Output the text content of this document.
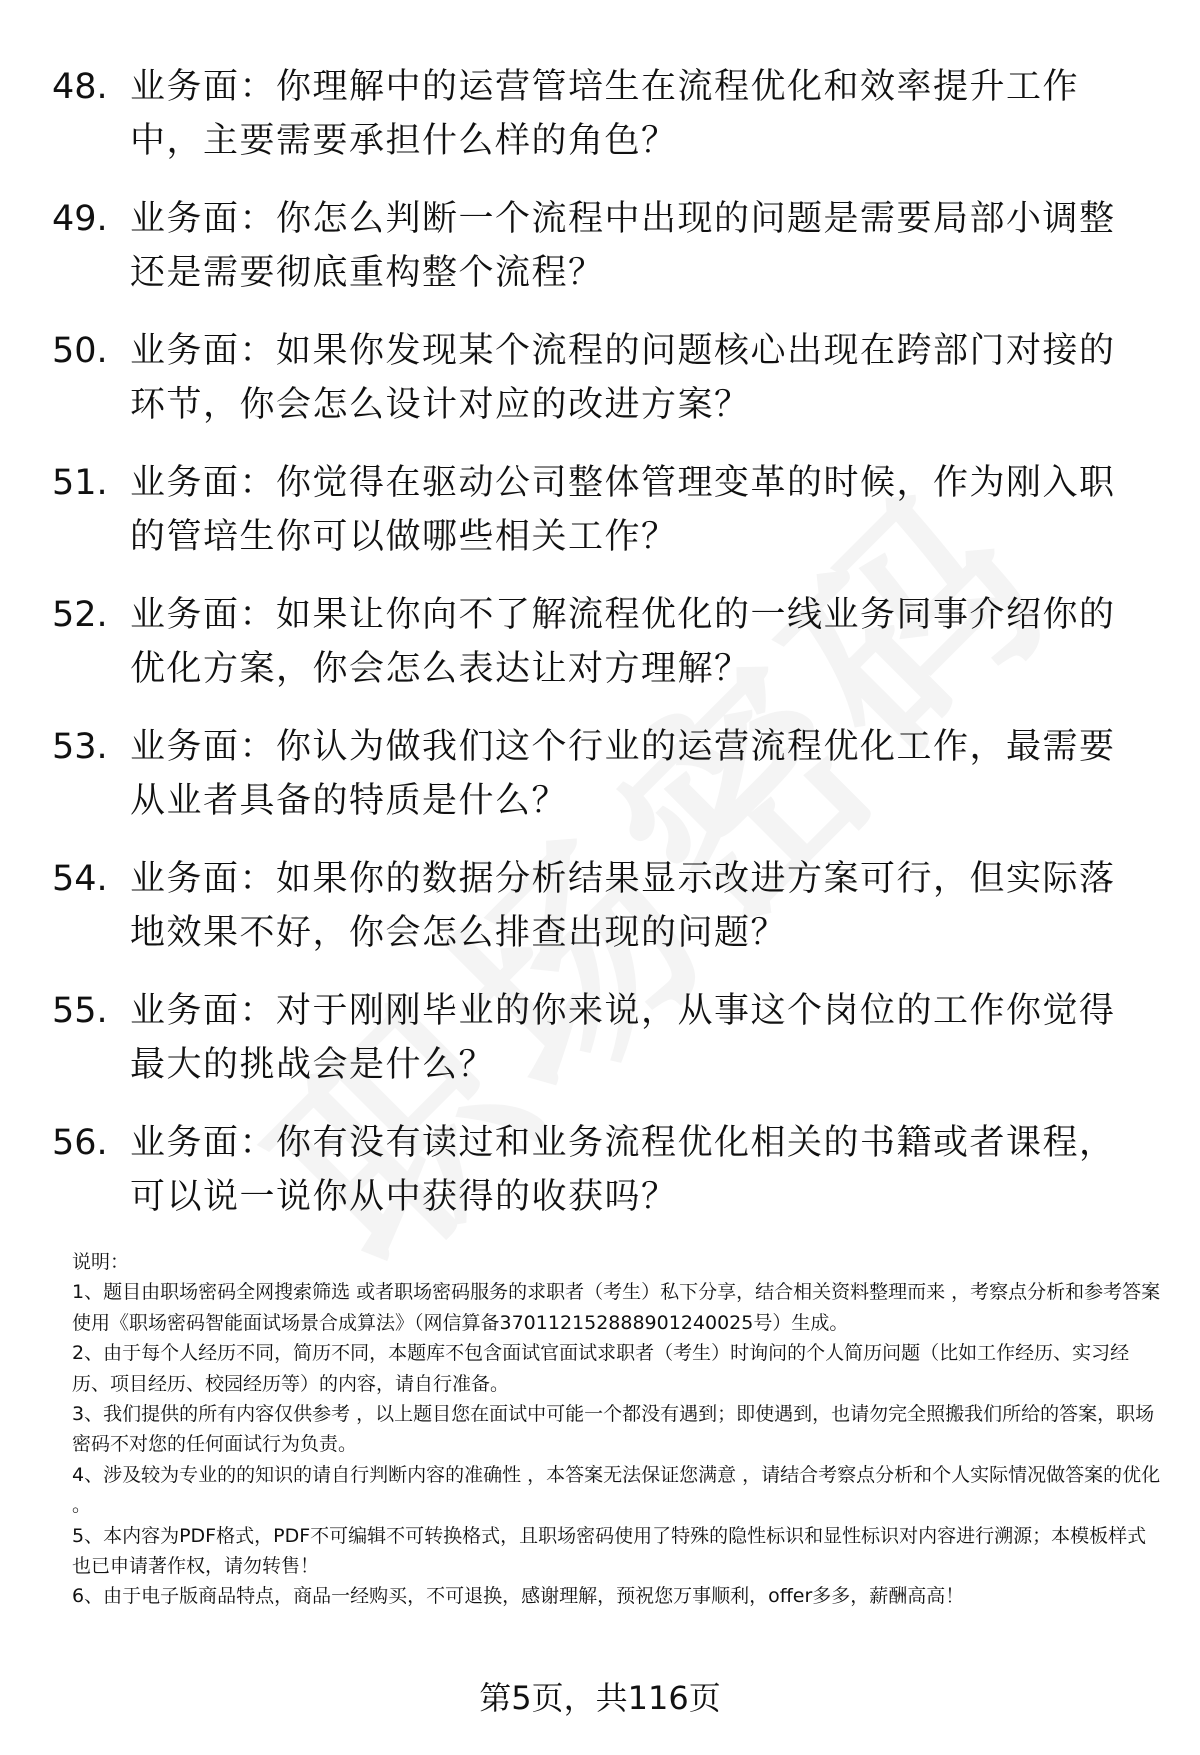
48. 业务面：你理解中的运营管培生在流程优化和效率提升工作中，主要需要承担什么样的角色？
49. 业务面：你怎么判断一个流程中出现的问题是需要局部小调整还是需要彻底重构整个流程？
50. 业务面：如果你发现某个流程的问题核心出现在跨部门对接的环节，你会怎么设计对应的改进方案？
51. 业务面：你觉得在驱动公司整体管理变革的时候，作为刚入职的管培生你可以做哪些相关工作？
52. 业务面：如果让你向不了解流程优化的一线业务同事介绍你的优化方案，你会怎么表达让对方理解？
53. 业务面：你认为做我们这个行业的运营流程优化工作，最需要从业者具备的特质是什么？
54. 业务面：如果你的数据分析结果显示改进方案可行，但实际落地效果不好，你会怎么排查出现的问题？
55. 业务面：对于刚刚毕业的你来说，从事这个岗位的工作你觉得最大的挑战会是什么？
56. 业务面：你有没有读过和业务流程优化相关的书籍或者课程，可以说一说你从中获得的收获吗？

说明：

1、题目由职场密码全网搜索筛选 或者职场密码服务的求职者（考生）私下分享，结合相关资料整理而来 ，考察点分析和参考答案使用《职场密码智能面试场景合成算法》（网信算备370112152888901240025号）生成。

2、由于每个人经历不同，简历不同，本题库不包含面试官面试求职者（考生）时询问的个人简历问题（比如工作经历、实习经历、项目经历、校园经历等）的内容，请自行准备。

3、我们提供的所有内容仅供参考 ，以上题目您在面试中可能一个都没有遇到；即使遇到，也请勿完全照搬我们所给的答案，职场密码不对您的任何面试行为负责。

4、涉及较为专业的的知识的请自行判断内容的准确性 ，本答案无法保证您满意 ，请结合考察点分析和个人实际情况做答案的优化 。

5、本内容为PDF格式，PDF不可编辑不可转换格式，且职场密码使用了特殊的隐性标识和显性标识对内容进行溯源；本模板样式也已申请著作权，请勿转售！

6、由于电子版商品特点，商品一经购买，不可退换，感谢理解，预祝您万事顺利，offer多多，薪酬高高！

第5页，共116页
